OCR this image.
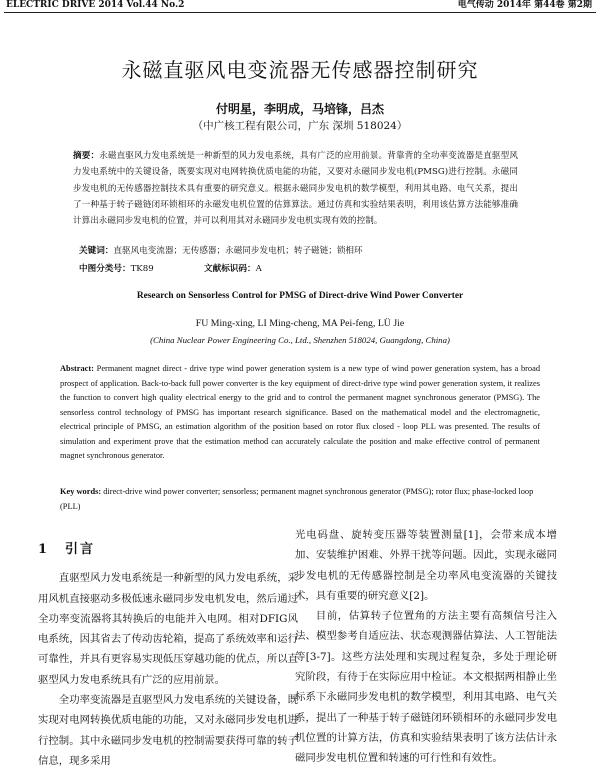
ELECTRIC DRIVE 2014 Vol.44 No.2	电气传动 2014年 第44卷 第2期
永磁直驱风电变流器无传感器控制研究
付明星，李明成，马培锋，吕杰
（中广核工程有限公司，广东 深圳 518024）
摘要：永磁直驱风力发电系统是一种新型的风力发电系统，具有广泛的应用前景。背靠背的全功率变流器是直驱型风力发电系统中的关键设备，既要实现对电网转换优质电能的功能，又要对永磁同步发电机(PMSG)进行控制。永磁同步发电机的无传感器控制技术具有重要的研究意义。根据永磁同步发电机的数学模型，利用其电路、电气关系，提出了一种基于转子磁链闭环锁相环的永磁发电机位置的估算算法。通过仿真和实验结果表明，利用该估算方法能够准确计算出永磁同步发电机的位置，并可以利用其对永磁同步发电机实现有效的控制。
关键词：直驱风电变流器；无传感器；永磁同步发电机；转子磁链；锁相环
中图分类号：TK89	文献标识码：A
Research on Sensorless Control for PMSG of Direct-drive Wind Power Converter
FU Ming-xing, LI Ming-cheng, MA Pei-feng, LÜ Jie
(China Nuclear Power Engineering Co., Ltd., Shenzhen 518024, Guangdong, China)
Abstract: Permanent magnet direct - drive type wind power generation system is a new type of wind power generation system, has a broad prospect of application. Back-to-back full power converter is the key equipment of direct-drive type wind power generation system, it realizes the function to convert high quality electrical energy to the grid and to control the permanent magnet synchronous generator (PMSG). The sensorless control technology of PMSG has important research significance. Based on the mathematical model and the electromagnetic, electrical principle of PMSG, an estimation algorithm of the position based on rotor flux closed - loop PLL was presented. The results of simulation and experiment prove that the estimation method can accurately calculate the position and make effective control of permanent magnet synchronous generator.
Key words: direct-drive wind power converter; sensorless; permanent magnet synchronous generator (PMSG); rotor flux; phase-locked loop (PLL)
1 引言

直驱型风力发电系统是一种新型的风力发电系统，采用风机直接驱动多极低速永磁同步发电机发电，然后通过全功率变流器将其转换后的电能并入电网。相对DFIG风电系统，因其省去了传动齿轮箱，提高了系统效率和运行可靠性，并具有更容易实现低压穿越功能的优点，所以直驱型风力发电系统具有广泛的应用前景。

全功率变流器是直驱型风力发电系统的关键设备，既实现对电网转换优质电能的功能，又对永磁同步发电机进行控制。其中永磁同步发电机的控制需要获得可靠的转子信息，现多采用

光电码盘、旋转变压器等装置测量[1]，会带来成本增加、安装维护困难、外界干扰等问题。因此，实现永磁同步发电机的无传感器控制是全功率风电变流器的关键技术，具有重要的研究意义[2]。

目前，估算转子位置角的方法主要有高频信号注入法、模型参考自适应法、状态观测器估算法、人工智能法等[3-7]。这些方法处理和实现过程复杂，多处于理论研究阶段，有待于在实际应用中检证。本文根据两相静止坐标系下永磁同步发电机的数学模型，利用其电路、电气关系，提出了一种基于转子磁链闭环锁相环的永磁同步发电机位置的计算方法，仿真和实验结果表明了该方法估计永磁同步发电机位置和转速的可行性和有效性。
